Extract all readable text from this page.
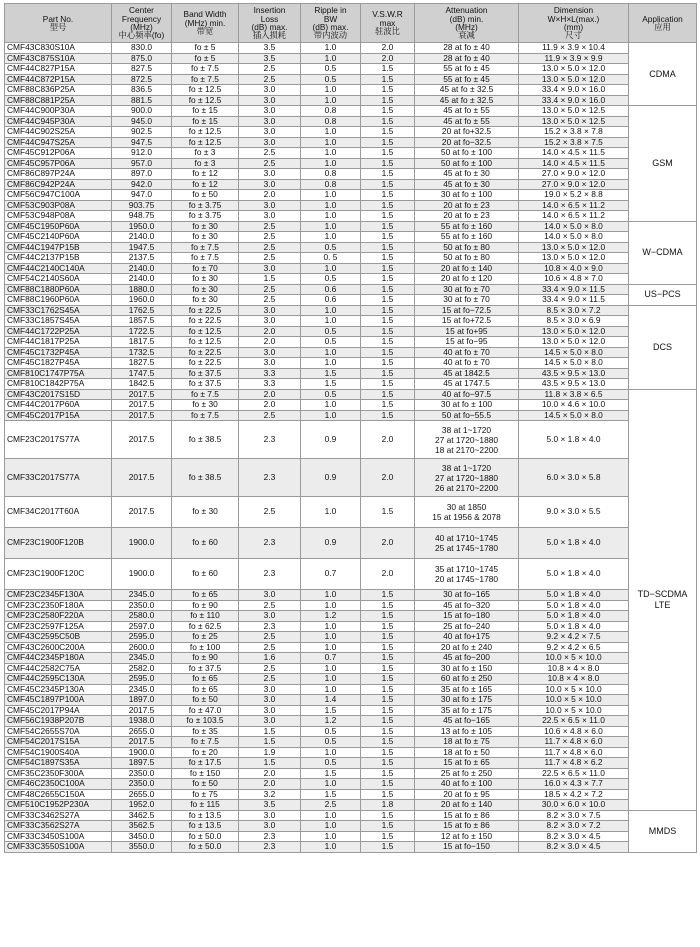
Part No.
型号	Center
Frequency
(MHz)
中心频率(fo)	Band Width
(MHz) min.
带宽	Insertion
Loss
(dB) max.
插入损耗	Ripple in
BW
(dB) max.
带内波动	V.S.W.R
max
驻波比	Attenuation
(dB) min.
(MHz)
衰减	Dimension
W×H×L(max.)
(mm)
尺寸	Application
应用

CMF43C830S10A	830.0	fo ± 5	3.5	1.0	2.0	28 at fo ± 40	11.9 × 3.9 × 10.4	CDMA

CMF43C875S10A	875.0	fo ± 5	3.5	1.0	2.0	28 at fo ± 40	11.9 × 3.9 × 9.9	
CMF44C827P15A	827.5	fo ± 7.5	2.5	0.5	1.5	55 at fo ± 45	13.0 × 5.0 × 12.0	
CMF44C872P15A	872.5	fo ± 7.5	2.5	0.5	1.5	55 at fo ± 45	13.0 × 5.0 × 12.0	
CMF88C836P25A	836.5	fo ± 12.5	3.0	1.0	1.5	45 at fo ± 32.5	33.4 × 9.0 × 16.0	
CMF88C881P25A	881.5	fo ± 12.5	3.0	1.0	1.5	45 at fo ± 32.5	33.4 × 9.0 × 16.0	
CMF44C900P30A	900.0	fo ± 15	3.0	0.8	1.5	45 at fo ± 55	13.0 × 5.0 × 12.5	GSM

CMF44C945P30A	945.0	fo ± 15	3.0	0.8	1.5	45 at fo ± 55	13.0 × 5.0 × 12.5	
CMF44C902S25A	902.5	fo ± 12.5	3.0	1.0	1.5	20 at fo+32.5	15.2 × 3.8 × 7.8	
CMF44C947S25A	947.5	fo ± 12.5	3.0	1.0	1.5	20 at fo−32.5	15.2 × 3.8 × 7.5	
CMF45C912P06A	912.0	fo ± 3	2.5	1.0	1.5	50 at fo ± 100	14.0 × 4.5 × 11.5	
CMF45C957P06A	957.0	fo ± 3	2.5	1.0	1.5	50 at fo ± 100	14.0 × 4.5 × 11.5	
CMF86C897P24A	897.0	fo ± 12	3.0	0.8	1.5	45 at fo ± 30	27.0 × 9.0 × 12.0	
CMF86C942P24A	942.0	fo ± 12	3.0	0.8	1.5	45 at fo ± 30	27.0 × 9.0 × 12.0	
CMF56C947C100A	947.0	fo ± 50	2.0	1.0	1.5	30 at fo ± 100	19.0 × 5.2 × 8.8	
CMF53C903P08A	903.75	fo ± 3.75	3.0	1.0	1.5	20 at fo ± 23	14.0 × 6.5 × 11.2	
CMF53C948P08A	948.75	fo ± 3.75	3.0	1.0	1.5	20 at fo ± 23	14.0 × 6.5 × 11.2	
CMF45C1950P60A	1950.0	fo ± 30	2.5	1.0	1.5	55 at fo ± 160	14.0 × 5.0 × 8.0	W−CDMA

CMF45C2140P60A	2140.0	fo ± 30	2.5	1.0	1.5	55 at fo ± 160	14.0 × 5.0 × 8.0	
CMF44C1947P15B	1947.5	fo ± 7.5	2.5	0.5	1.5	50 at fo ± 80	13.0 × 5.0 × 12.0	
CMF44C2137P15B	2137.5	fo ± 7.5	2.5	0. 5	1.5	50 at fo ± 80	13.0 × 5.0 × 12.0	
CMF44C2140C140A	2140.0	fo ± 70	3.0	1.0	1.5	20 at fo ± 140	10.8 × 4.0 × 9.0	
CMF54C2140S60A	2140.0	fo ± 30	1.5	0.5	1.5	20 at fo ± 120	10.6 × 4.8 × 7.0	
CMF88C1880P60A	1880.0	fo ± 30	2.5	0.6	1.5	30 at fo ± 70	33.4 × 9.0 × 11.5	US−PCS

CMF88C1960P60A	1960.0	fo ± 30	2.5	0.6	1.5	30 at fo ± 70	33.4 × 9.0 × 11.5	
CMF33C1762S45A	1762.5	fo ± 22.5	3.0	1.0	1.5	15 at fo−72.5	8.5 × 3.0 × 7.2	DCS

CMF33C1857S45A	1857.5	fo ± 22.5	3.0	1.0	1.5	15 at fo+72.5	8.5 × 3.0 × 6.9	
CMF44C1722P25A	1722.5	fo ± 12.5	2.0	0.5	1.5	15 at fo+95	13.0 × 5.0 × 12.0	
CMF44C1817P25A	1817.5	fo ± 12.5	2.0	0.5	1.5	15 at fo−95	13.0 × 5.0 × 12.0	
CMF45C1732P45A	1732.5	fo ± 22.5	3.0	1.0	1.5	40 at fo ± 70	14.5 × 5.0 × 8.0	
CMF45C1827P45A	1827.5	fo ± 22.5	3.0	1.0	1.5	40 at fo ± 70	14.5 × 5.0 × 8.0	
CMF810C1747P75A	1747.5	fo ± 37.5	3.3	1.5	1.5	45 at 1842.5	43.5 × 9.5 × 13.0	
CMF810C1842P75A	1842.5	fo ± 37.5	3.3	1.5	1.5	45 at 1747.5	43.5 × 9.5 × 13.0	
CMF43C2017S15D	2017.5	fo ± 7.5	2.0	0.5	1.5	40 at fo−97.5	11.8 × 3.8 × 6.5	TD−SCDMA
LTE

CMF44C2017P60A	2017.5	fo ± 30	2.0	1.0	1.5	30 at fo ± 100	10.0 × 4.6 × 10.0	
CMF45C2017P15A	2017.5	fo ± 7.5	2.5	1.0	1.5	50 at fo−55.5	14.5 × 5.0 × 8.0	
CMF23C2017S77A	2017.5	fo ± 38.5	2.3	0.9	2.0	38 at 1~1720
27 at 1720~1880
18 at 2170~2200	5.0 × 1.8 × 4.0	
CMF33C2017S77A	2017.5	fo ± 38.5	2.3	0.9	2.0	38 at 1~1720
27 at 1720~1880
26 at 2170~2200	6.0 × 3.0 × 5.8	
CMF34C2017T60A	2017.5	fo ± 30	2.5	1.0	1.5	30 at 1850
15 at 1956 & 2078	9.0 × 3.0 × 5.5	
CMF23C1900F120B	1900.0	fo ± 60	2.3	0.9	2.0	40 at 1710~1745
25 at 1745~1780	5.0 × 1.8 × 4.0	
CMF23C1900F120C	1900.0	fo ± 60	2.3	0.7	2.0	35 at 1710~1745
20 at 1745~1780	5.0 × 1.8 × 4.0	
CMF23C2345F130A	2345.0	fo ± 65	3.0	1.0	1.5	30 at fo−165	5.0 × 1.8 × 4.0	
CMF23C2350F180A	2350.0	fo ± 90	2.5	1.0	1.5	45 at fo−320	5.0 × 1.8 × 4.0	
CMF23C2580F220A	2580.0	fo ± 110	3.0	1.2	1.5	15 at fo−180	5.0 × 1.8 × 4.0	
CMF23C2597F125A	2597.0	fo ± 62.5	2.3	1.0	1.5	25 at fo−240	5.0 × 1.8 × 4.0	
CMF43C2595C50B	2595.0	fo ± 25	2.5	1.0	1.5	40 at fo+175	9.2 × 4.2 × 7.5	
CMF43C2600C200A	2600.0	fo ± 100	2.5	1.0	1.5	20 at fo ± 240	9.2 × 4.2 × 6.5	
CMF44C2345P180A	2345.0	fo ± 90	1.6	0.7	1.5	45 at fo−200	10.0 × 5 × 10.0	
CMF44C2582C75A	2582.0	fo ± 37.5	2.5	1.0	1.5	30 at fo ± 150	10.8 × 4 × 8.0	
CMF44C2595C130A	2595.0	fo ± 65	2.5	1.0	1.5	60 at fo ± 250	10.8 × 4 × 8.0	
CMF45C2345P130A	2345.0	fo ± 65	3.0	1.0	1.5	35 at fo ± 165	10.0 × 5 × 10.0	
CMF45C1897P100A	1897.0	fo ± 50	3.0	1.4	1.5	30 at fo ± 175	10.0 × 5 × 10.0	
CMF45C2017P94A	2017.5	fo ± 47.0	3.0	1.5	1.5	35 at fo ± 175	10.0 × 5 × 10.0	
CMF56C1938P207B	1938.0	fo ± 103.5	3.0	1.2	1.5	45 at fo−165	22.5 × 6.5 × 11.0	
CMF54C2655S70A	2655.0	fo ± 35	1.5	0.5	1.5	13 at fo ± 105	10.6 × 4.8 × 6.0	
CMF54C2017S15A	2017.5	fo ± 7.5	1.5	0.5	1.5	18 at fo ± 75	11.7 × 4.8 × 6.0	
CMF54C1900S40A	1900.0	fo ± 20	1.9	1.0	1.5	18 at fo ± 50	11.7 × 4.8 × 6.0	
CMF54C1897S35A	1897.5	fo ± 17.5	1.5	0.5	1.5	15 at fo ± 65	11.7 × 4.8 × 6.2	
CMF35C2350F300A	2350.0	fo ± 150	2.0	1.5	1.5	25 at fo ± 250	22.5 × 6.5 × 11.0	
CMF46C2350C100A	2350.0	fo ± 50	2.0	1.0	1.5	40 at fo ± 100	16.0 × 4.3 × 7.7	
CMF48C2655C150A	2655.0	fo ± 75	3.2	1.5	1.5	20 at fo ± 95	18.5 × 4.2 × 7.2	
CMF510C1952P230A	1952.0	fo ± 115	3.5	2.5	1.8	20 at fo ± 140	30.0 × 6.0 × 10.0	
CMF33C3462S27A	3462.5	fo ± 13.5	3.0	1.0	1.5	15 at fo ± 86	8.2 × 3.0 × 7.5	MMDS

CMF33C3562S27A	3562.5	fo ± 13.5	3.0	1.0	1.5	15 at fo ± 86	8.2 × 3.0 × 7.2	
CMF33C3450S100A	3450.0	fo ± 50.0	2.3	1.0	1.5	12 at fo ± 150	8.2 × 3.0 × 4.5	
CMF33C3550S100A	3550.0	fo ± 50.0	2.3	1.0	1.5	15 at fo−150	8.2 × 3.0 × 4.5	
